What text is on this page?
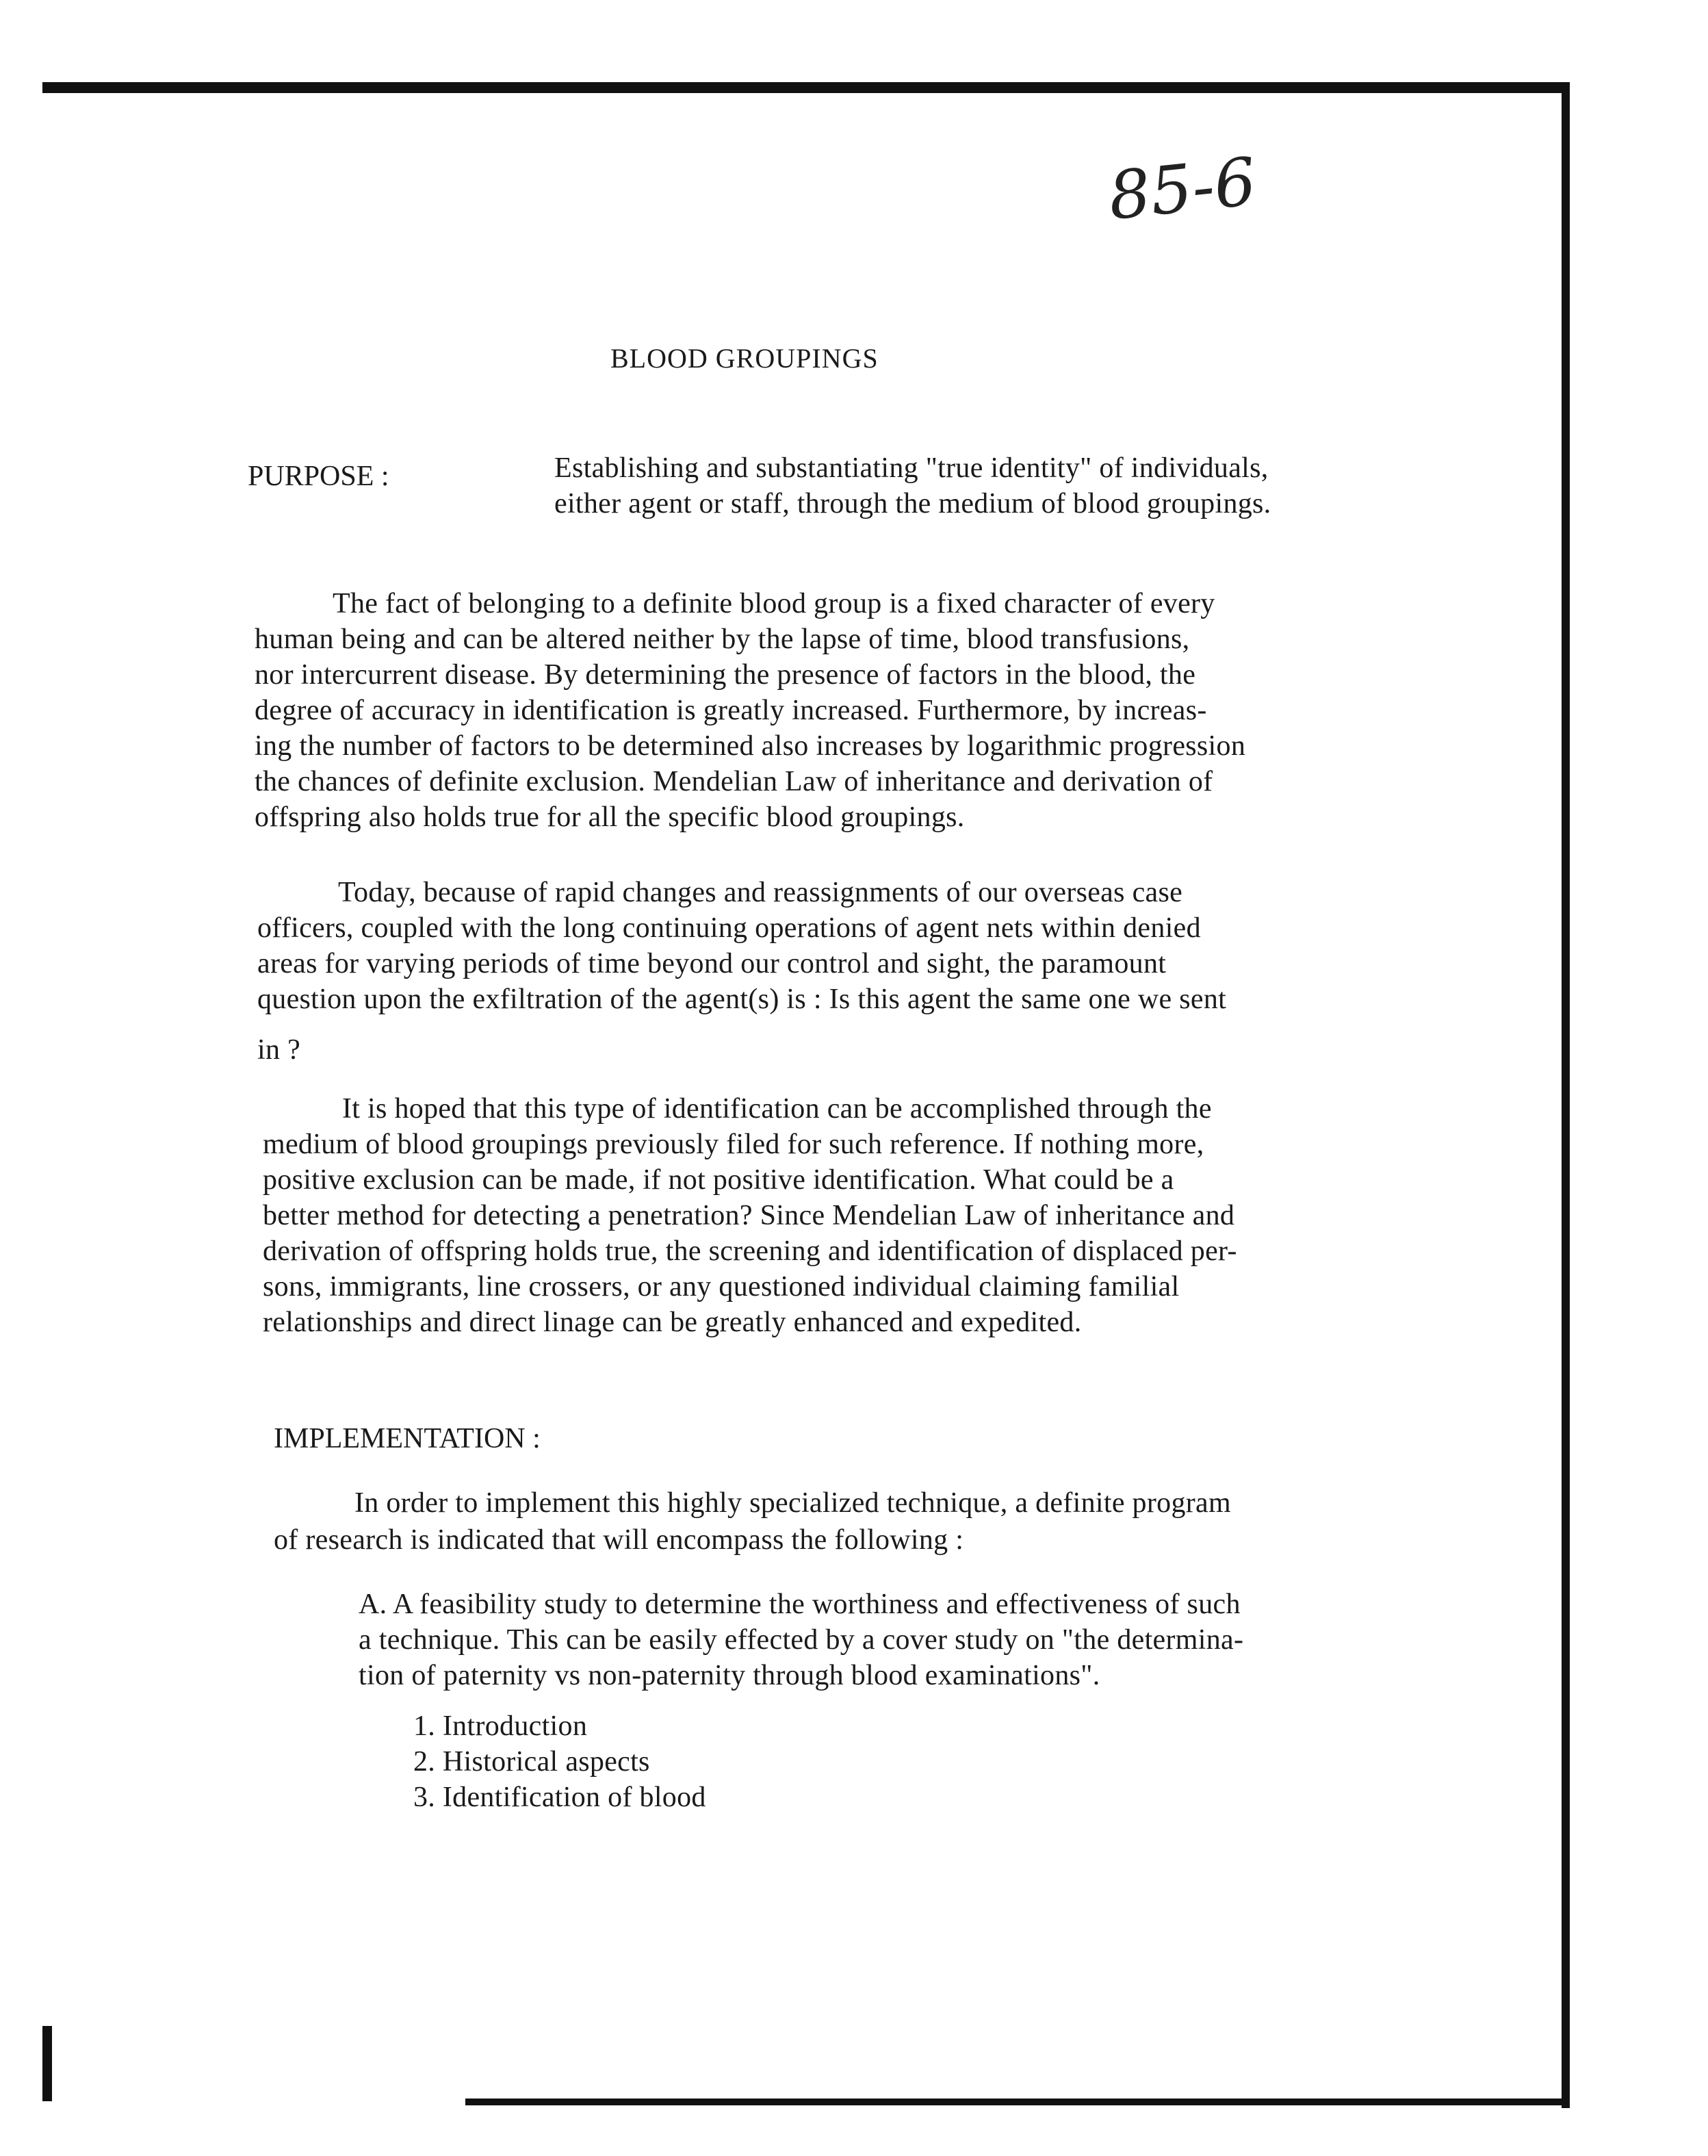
85-6
BLOOD GROUPINGS
PURPOSE :	Establishing and substantiating "true identity" of individuals,
either agent or staff, through the medium of blood groupings.
The fact of belonging to a definite blood group is a fixed character of every
human being and can be altered neither by the lapse of time, blood transfusions,
nor intercurrent disease. By determining the presence of factors in the blood, the
degree of accuracy in identification is greatly increased. Furthermore, by increas-
ing the number of factors to be determined also increases by logarithmic progression
the chances of definite exclusion. Mendelian Law of inheritance and derivation of
offspring also holds true for all the specific blood groupings.
Today, because of rapid changes and reassignments of our overseas case
officers, coupled with the long continuing operations of agent nets within denied
areas for varying periods of time beyond our control and sight, the paramount
question upon the exfiltration of the agent(s) is : Is this agent the same one we sent
in ?
It is hoped that this type of identification can be accomplished through the
medium of blood groupings previously filed for such reference. If nothing more,
positive exclusion can be made, if not positive identification. What could be a
better method for detecting a penetration? Since Mendelian Law of inheritance and
derivation of offspring holds true, the screening and identification of displaced per-
sons, immigrants, line crossers, or any questioned individual claiming familial
relationships and direct linage can be greatly enhanced and expedited.
IMPLEMENTATION :
In order to implement this highly specialized technique, a definite program
of research is indicated that will encompass the following :
A. A feasibility study to determine the worthiness and effectiveness of such
a technique. This can be easily effected by a cover study on "the determina-
tion of paternity vs non-paternity through blood examinations".
1. Introduction
2. Historical aspects
3. Identification of blood
